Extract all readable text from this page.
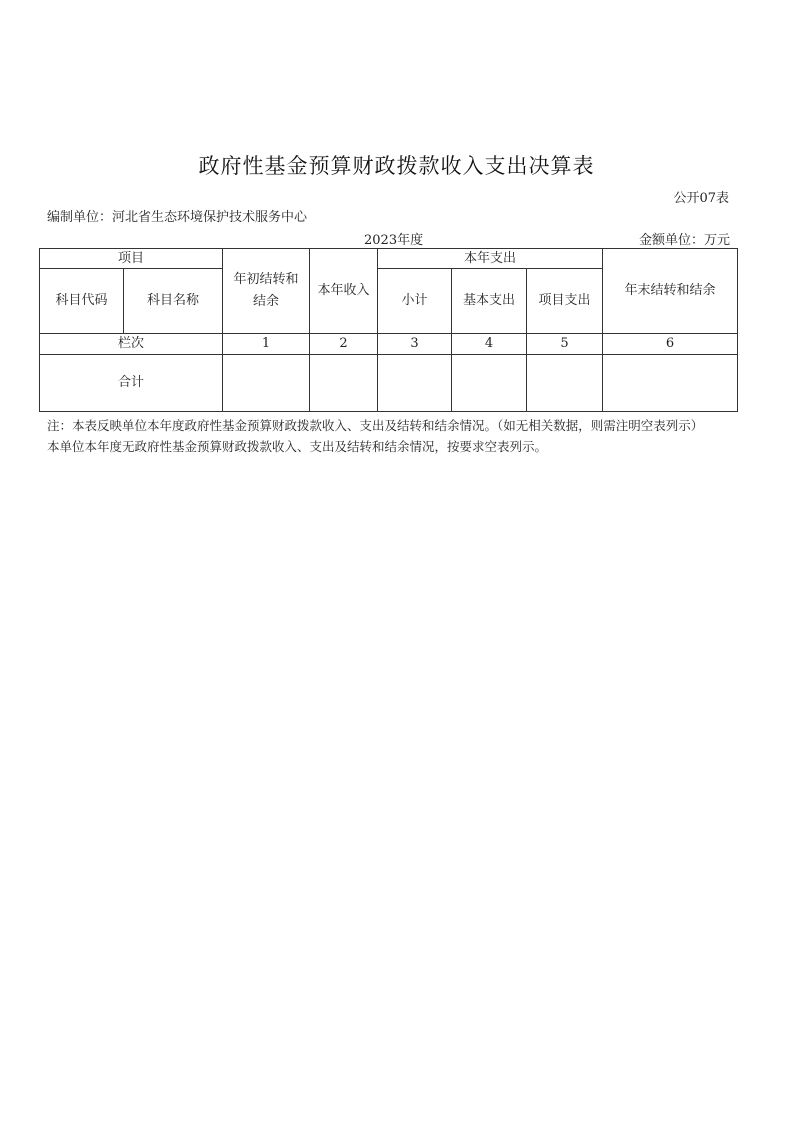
政府性基金预算财政拨款收入支出决算表
公开07表
编制单位：河北省生态环境保护技术服务中心
2023年度	金额单位：万元
项目		年初结转和结余	本年收入	本年支出			年末结转和结余
科目代码	科目名称			小计	基本支出	项目支出	
栏次		1	2	3	4	5	6
合计							
注：本表反映单位本年度政府性基金预算财政拨款收入、支出及结转和结余情况。（如无相关数据，则需注明空表列示）
本单位本年度无政府性基金预算财政拨款收入、支出及结转和结余情况，按要求空表列示。
